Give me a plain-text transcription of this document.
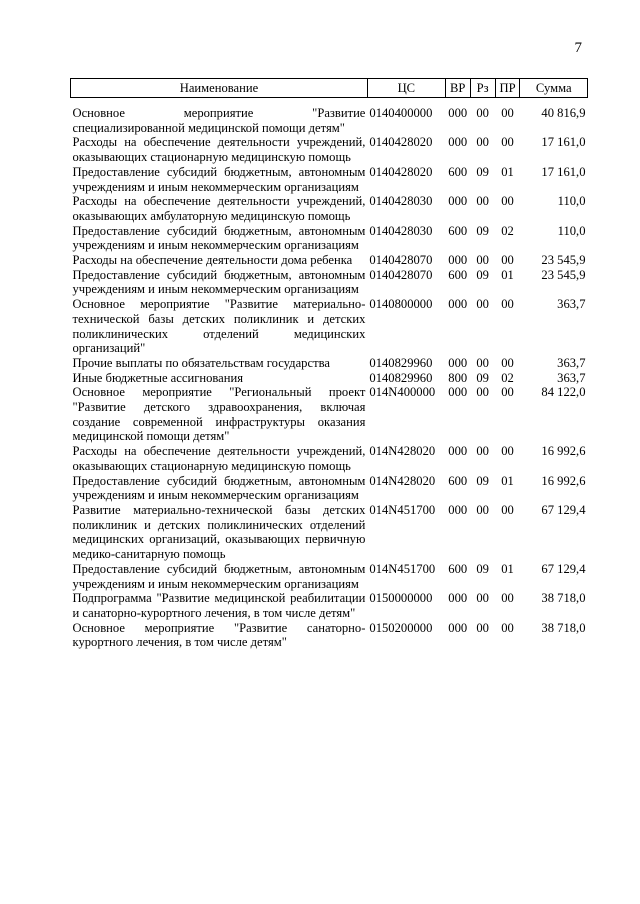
7
Наименование	ЦС	ВР	Рз	ПР	Сумма

Основное мероприятие "Развитие специализированной медицинской помощи детям"	0140400000	000	00	00	40 816,9
Расходы на обеспечение деятельности учреждений, оказывающих стационарную медицинскую помощь	0140428020	000	00	00	17 161,0
Предоставление субсидий бюджетным, автономным учреждениям и иным некоммерческим организациям	0140428020	600	09	01	17 161,0
Расходы на обеспечение деятельности учреждений, оказывающих амбулаторную медицинскую помощь	0140428030	000	00	00	110,0
Предоставление субсидий бюджетным, автономным учреждениям и иным некоммерческим организациям	0140428030	600	09	02	110,0
Расходы на обеспечение деятельности дома ребенка	0140428070	000	00	00	23 545,9
Предоставление субсидий бюджетным, автономным учреждениям и иным некоммерческим организациям	0140428070	600	09	01	23 545,9
Основное мероприятие "Развитие материально-технической базы детских поликлиник и детских поликлинических отделений медицинских организаций"	0140800000	000	00	00	363,7
Прочие выплаты по обязательствам государства	0140829960	000	00	00	363,7
Иные бюджетные ассигнования	0140829960	800	09	02	363,7
Основное мероприятие "Региональный проект "Развитие детского здравоохранения, включая создание современной инфраструктуры оказания медицинской помощи детям"	014N400000	000	00	00	84 122,0
Расходы на обеспечение деятельности учреждений, оказывающих стационарную медицинскую помощь	014N428020	000	00	00	16 992,6
Предоставление субсидий бюджетным, автономным учреждениям и иным некоммерческим организациям	014N428020	600	09	01	16 992,6
Развитие материально-технической базы детских поликлиник и детских поликлинических отделений медицинских организаций, оказывающих первичную медико-санитарную помощь	014N451700	000	00	00	67 129,4
Предоставление субсидий бюджетным, автономным учреждениям и иным некоммерческим организациям	014N451700	600	09	01	67 129,4
Подпрограмма "Развитие медицинской реабилитации и санаторно-курортного лечения, в том числе детям"	0150000000	000	00	00	38 718,0
Основное мероприятие "Развитие санаторно-курортного лечения, в том числе детям"	0150200000	000	00	00	38 718,0
